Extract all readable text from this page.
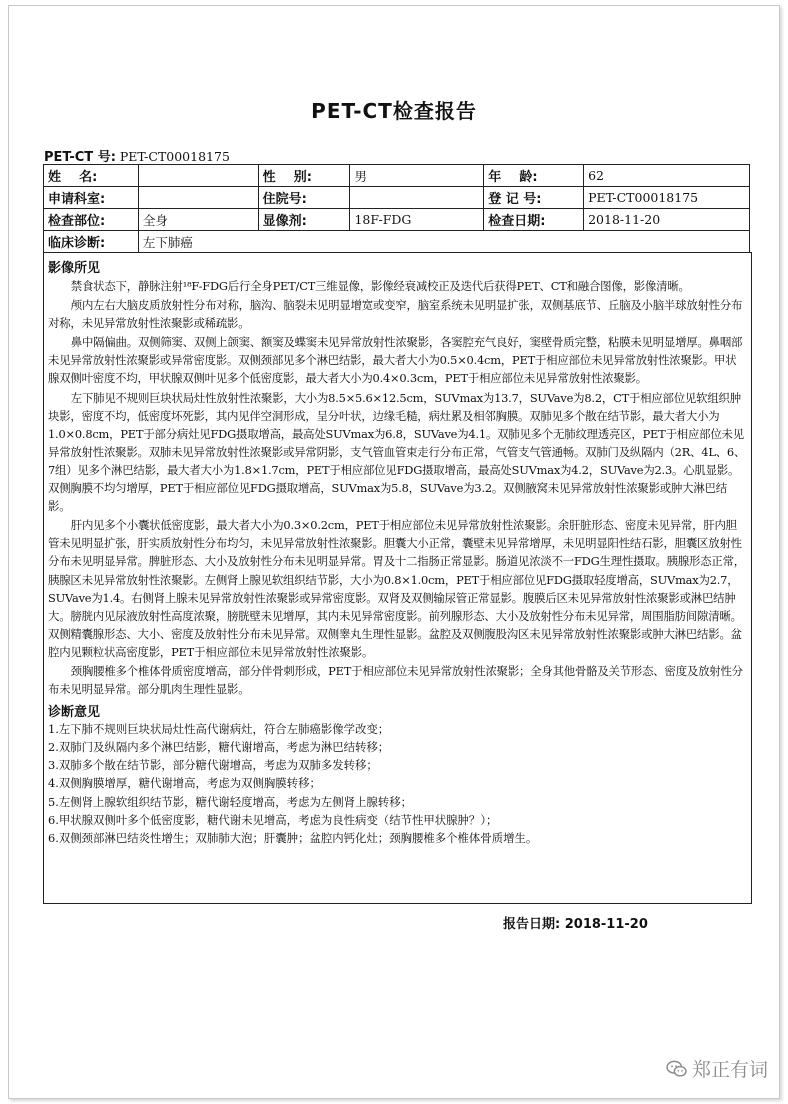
PET-CT检查报告
PET-CT 号: PET-CT00018175
姓    名:		性    别:	男	年    龄:	62
申请科室:		住院号:		登 记 号:	PET-CT00018175
检查部位:	全身	显像剂:	18F-FDG	检查日期:	2018-11-20
临床诊断:	左下肺癌				
影像所见
禁食状态下，静脉注射¹⁸F-FDG后行全身PET/CT三维显像，影像经衰减校正及迭代后获得PET、CT和融合图像，影像清晰。
颅内左右大脑皮质放射性分布对称，脑沟、脑裂未见明显增宽或变窄，脑室系统未见明显扩张，双侧基底节、丘脑及小脑半球放射性分布对称，未见异常放射性浓聚影或稀疏影。
鼻中隔偏曲。双侧筛窦、双侧上颌窦、额窦及蝶窦未见异常放射性浓聚影，各窦腔充气良好，窦壁骨质完整，粘膜未见明显增厚。鼻咽部未见异常放射性浓聚影或异常密度影。双侧颈部见多个淋巴结影，最大者大小为0.5×0.4cm，PET于相应部位未见异常放射性浓聚影。甲状腺双侧叶密度不均，甲状腺双侧叶见多个低密度影，最大者大小为0.4×0.3cm，PET于相应部位未见异常放射性浓聚影。
左下肺见不规则巨块状局灶性放射性浓聚影，大小为8.5×5.6×12.5cm，SUVmax为13.7，SUVave为8.2，CT于相应部位见软组织肿块影，密度不均，低密度坏死影，其内见伴空洞形成，呈分叶状，边缘毛糙，病灶累及相邻胸膜。双肺见多个散在结节影，最大者大小为1.0×0.8cm，PET于部分病灶见FDG摄取增高，最高处SUVmax为6.8，SUVave为4.1。双肺见多个无肺纹理透亮区，PET于相应部位未见异常放射性浓聚影。双肺未见异常放射性浓聚影或异常阴影，支气管血管束走行分布正常，气管支气管通畅。双肺门及纵隔内（2R、4L、6、7组）见多个淋巴结影，最大者大小为1.8×1.7cm，PET于相应部位见FDG摄取增高，最高处SUVmax为4.2，SUVave为2.3。心肌显影。双侧胸膜不均匀增厚，PET于相应部位见FDG摄取增高，SUVmax为5.8，SUVave为3.2。双侧腋窝未见异常放射性浓聚影或肿大淋巴结影。
肝内见多个小囊状低密度影，最大者大小为0.3×0.2cm，PET于相应部位未见异常放射性浓聚影。余肝脏形态、密度未见异常，肝内胆管未见明显扩张，肝实质放射性分布均匀，未见异常放射性浓聚影。胆囊大小正常，囊壁未见异常增厚，未见明显阳性结石影，胆囊区放射性分布未见明显异常。脾脏形态、大小及放射性分布未见明显异常。胃及十二指肠正常显影。肠道见浓淡不一FDG生理性摄取。胰腺形态正常，胰腺区未见异常放射性浓聚影。左侧肾上腺见软组织结节影，大小为0.8×1.0cm，PET于相应部位见FDG摄取轻度增高，SUVmax为2.7，SUVave为1.4。右侧肾上腺未见异常放射性浓聚影或异常密度影。双肾及双侧输尿管正常显影。腹膜后区未见异常放射性浓聚影或淋巴结肿大。膀胱内见尿液放射性高度浓聚，膀胱壁未见增厚，其内未见异常密度影。前列腺形态、大小及放射性分布未见异常，周围脂肪间隙清晰。双侧精囊腺形态、大小、密度及放射性分布未见异常。双侧睾丸生理性显影。盆腔及双侧腹股沟区未见异常放射性浓聚影或肿大淋巴结影。盆腔内见颗粒状高密度影，PET于相应部位未见异常放射性浓聚影。
颈胸腰椎多个椎体骨质密度增高，部分伴骨刺形成，PET于相应部位未见异常放射性浓聚影；全身其他骨骼及关节形态、密度及放射性分布未见明显异常。部分肌肉生理性显影。
诊断意见
1.左下肺不规则巨块状局灶性高代谢病灶，符合左肺癌影像学改变；
2.双肺门及纵隔内多个淋巴结影，糖代谢增高，考虑为淋巴结转移；
3.双肺多个散在结节影，部分糖代谢增高，考虑为双肺多发转移；
4.双侧胸膜增厚，糖代谢增高，考虑为双侧胸膜转移；
5.左侧肾上腺软组织结节影，糖代谢轻度增高，考虑为左侧肾上腺转移；
6.甲状腺双侧叶多个低密度影，糖代谢未见增高，考虑为良性病变（结节性甲状腺肿？）；
6.双侧颈部淋巴结炎性增生；双肺肺大泡；肝囊肿；盆腔内钙化灶；颈胸腰椎多个椎体骨质增生。
报告日期: 2018-11-20
郑正有词
